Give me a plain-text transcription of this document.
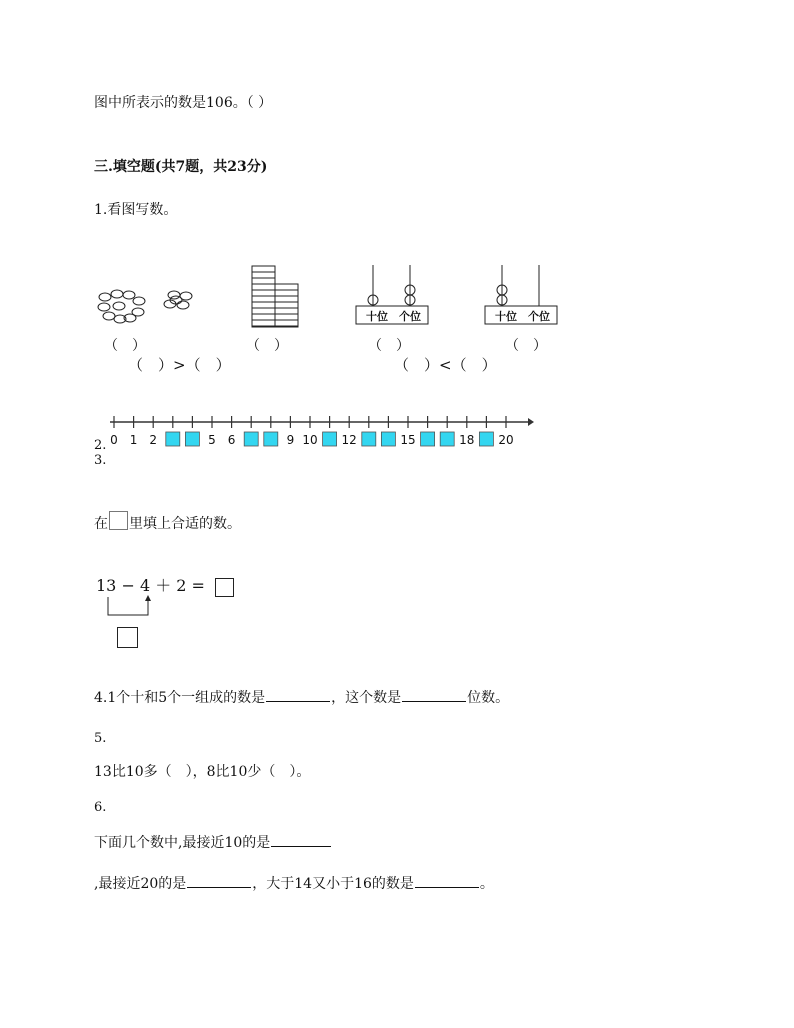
图中所表示的数是106。（ ）
三.填空题(共7题，共23分)
1.看图写数。
十位 个位	十位 个位
（　）	（　）	（　）	（　）
（　）>（　）	（　）<（　）
2. 0 1 2	5 6	9 10 12	15	18 20
3.
在 里填上合适的数。
13 − 4 ＋ 2 =
4.1个十和5个一组成的数是	，这个数是	位数。
5.
13比10多（　），8比10少（　）。
6.
下面几个数中,最接近10的是
,最接近20的是	，大于14又小于16的数是	。
